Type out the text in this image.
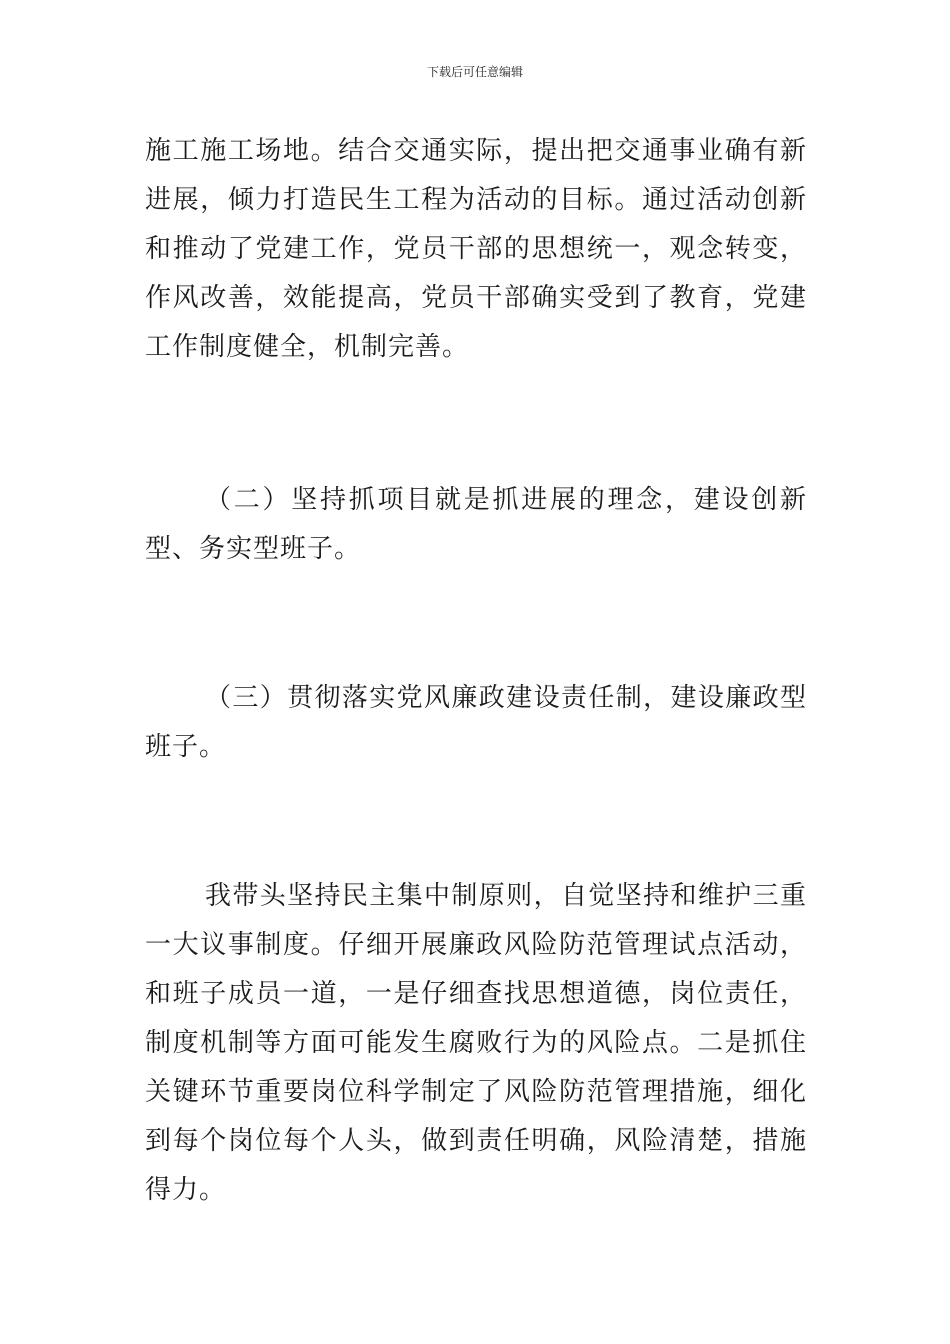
下载后可任意编辑

施工施工场地。结合交通实际，提出把交通事业确有新进展，倾力打造民生工程为活动的目标。通过活动创新和推动了党建工作，党员干部的思想统一，观念转变，作风改善，效能提高，党员干部确实受到了教育，党建工作制度健全，机制完善。

（二）坚持抓项目就是抓进展的理念，建设创新型、务实型班子。

（三）贯彻落实党风廉政建设责任制，建设廉政型班子。

我带头坚持民主集中制原则，自觉坚持和维护三重一大议事制度。仔细开展廉政风险防范管理试点活动，和班子成员一道，一是仔细查找思想道德，岗位责任，制度机制等方面可能发生腐败行为的风险点。二是抓住关键环节重要岗位科学制定了风险防范管理措施，细化到每个岗位每个人头，做到责任明确，风险清楚，措施得力。
